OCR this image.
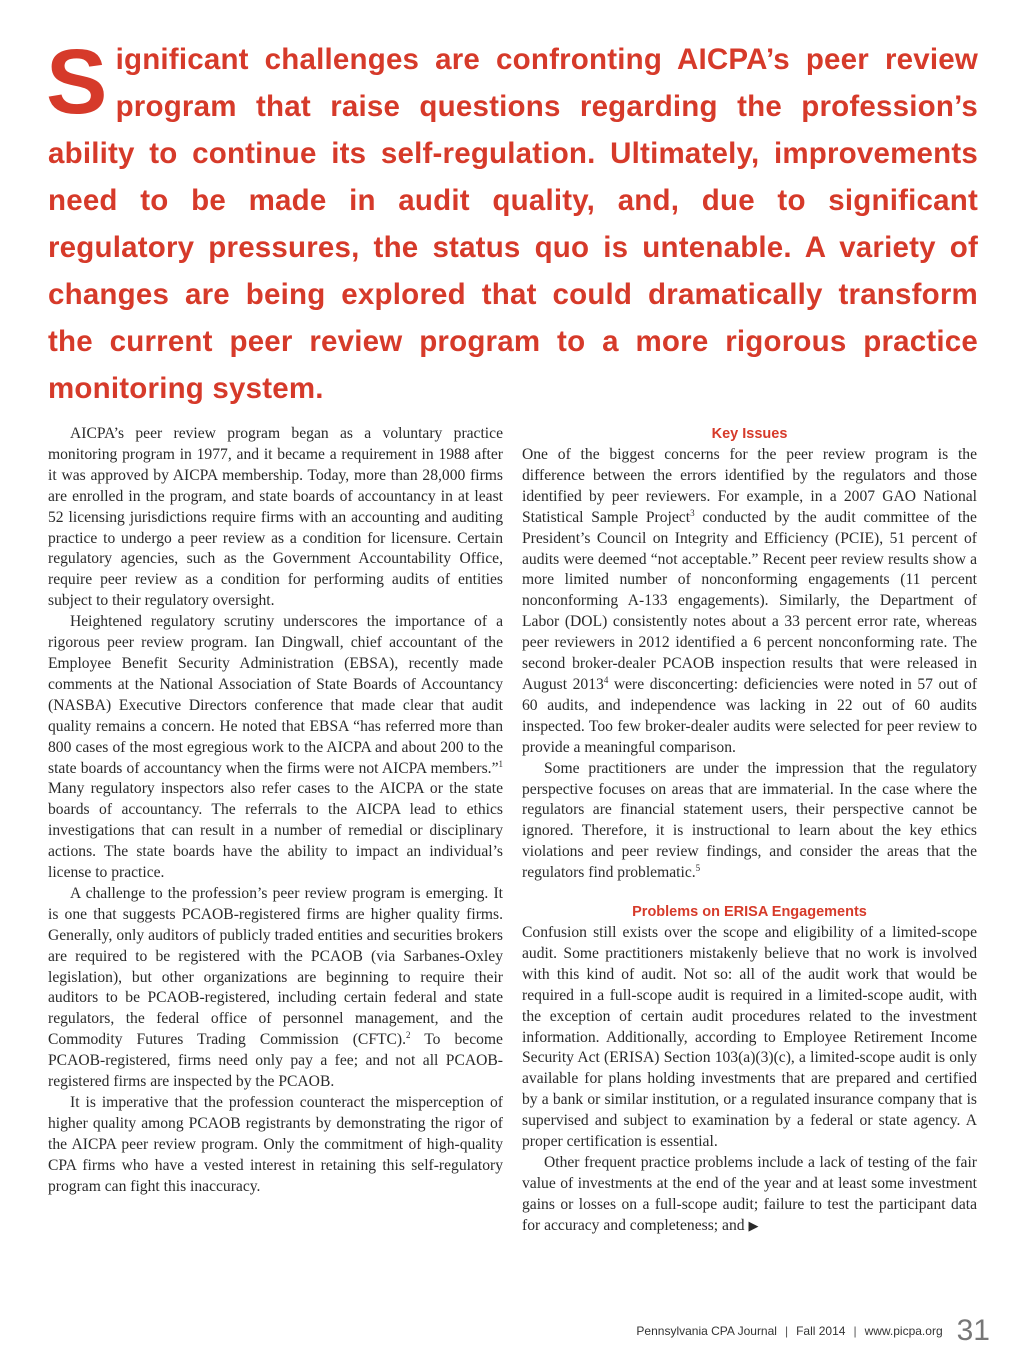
S ignificant challenges are confronting AICPA’s peer review program that raise questions regarding the profession’s ability to continue its self-regulation. Ultimately, improvements need to be made in audit quality, and, due to significant regulatory pressures, the status quo is untenable. A variety of changes are being explored that could dramatically transform the current peer review program to a more rigorous practice monitoring system.

AICPA’s peer review program began as a voluntary practice monitoring program in 1977, and it became a requirement in 1988 after it was approved by AICPA membership. Today, more than 28,000 firms are enrolled in the program, and state boards of accountancy in at least 52 licensing jurisdictions require firms with an accounting and auditing practice to undergo a peer review as a condition for licensure. Certain regulatory agencies, such as the Government Accountability Office, require peer review as a condition for performing audits of entities subject to their regulatory oversight.

Heightened regulatory scrutiny underscores the importance of a rigorous peer review program. Ian Dingwall, chief accountant of the Employee Benefit Security Administration (EBSA), recently made comments at the National Association of State Boards of Accountancy (NASBA) Executive Directors conference that made clear that audit quality remains a concern. He noted that EBSA “has referred more than 800 cases of the most egregious work to the AICPA and about 200 to the state boards of accountancy when the firms were not AICPA members.”$^1$ Many regulatory inspectors also refer cases to the AICPA or the state boards of accountancy. The referrals to the AICPA lead to ethics investigations that can result in a number of remedial or disciplinary actions. The state boards have the ability to impact an individual’s license to practice.

A challenge to the profession’s peer review program is emerging. It is one that suggests PCAOB-registered firms are higher quality firms. Generally, only auditors of publicly traded entities and securities brokers are required to be registered with the PCAOB (via Sarbanes-Oxley legislation), but other organizations are beginning to require their auditors to be PCAOB-registered, including certain federal and state regulators, the federal office of personnel management, and the Commodity Futures Trading Commission (CFTC).$^2$ To become PCAOB-registered, firms need only pay a fee; and not all PCAOB-registered firms are inspected by the PCAOB.

It is imperative that the profession counteract the misperception of higher quality among PCAOB registrants by demonstrating the rigor of the AICPA peer review program. Only the commitment of high-quality CPA firms who have a vested interest in retaining this self-regulatory program can fight this inaccuracy.

Key Issues

One of the biggest concerns for the peer review program is the difference between the errors identified by the regulators and those identified by peer reviewers. For example, in a 2007 GAO National Statistical Sample Project$^3$ conducted by the audit committee of the President’s Council on Integrity and Efficiency (PCIE), 51 percent of audits were deemed “not acceptable.” Recent peer review results show a more limited number of nonconforming engagements (11 percent nonconforming A-133 engagements). Similarly, the Department of Labor (DOL) consistently notes about a 33 percent error rate, whereas peer reviewers in 2012 identified a 6 percent nonconforming rate. The second broker-dealer PCAOB inspection results that were released in August 2013$^4$ were disconcerting: deficiencies were noted in 57 out of 60 audits, and independence was lacking in 22 out of 60 audits inspected. Too few broker-dealer audits were selected for peer review to provide a meaningful comparison.

Some practitioners are under the impression that the regulatory perspective focuses on areas that are immaterial. In the case where the regulators are financial statement users, their perspective cannot be ignored. Therefore, it is instructional to learn about the key ethics violations and peer review findings, and consider the areas that the regulators find problematic.$^5$

Problems on ERISA Engagements

Confusion still exists over the scope and eligibility of a limited-scope audit. Some practitioners mistakenly believe that no work is involved with this kind of audit. Not so: all of the audit work that would be required in a full-scope audit is required in a limited-scope audit, with the exception of certain audit procedures related to the investment information. Additionally, according to Employee Retirement Income Security Act (ERISA) Section 103(a)(3)(c), a limited-scope audit is only available for plans holding investments that are prepared and certified by a bank or similar institution, or a regulated insurance company that is supervised and subject to examination by a federal or state agency. A proper certification is essential.

Other frequent practice problems include a lack of testing of the fair value of investments at the end of the year and at least some investment gains or losses on a full-scope audit; failure to test the participant data for accuracy and completeness; and ▶

Pennsylvania CPA Journal | Fall 2014 | www.picpa.org 31
